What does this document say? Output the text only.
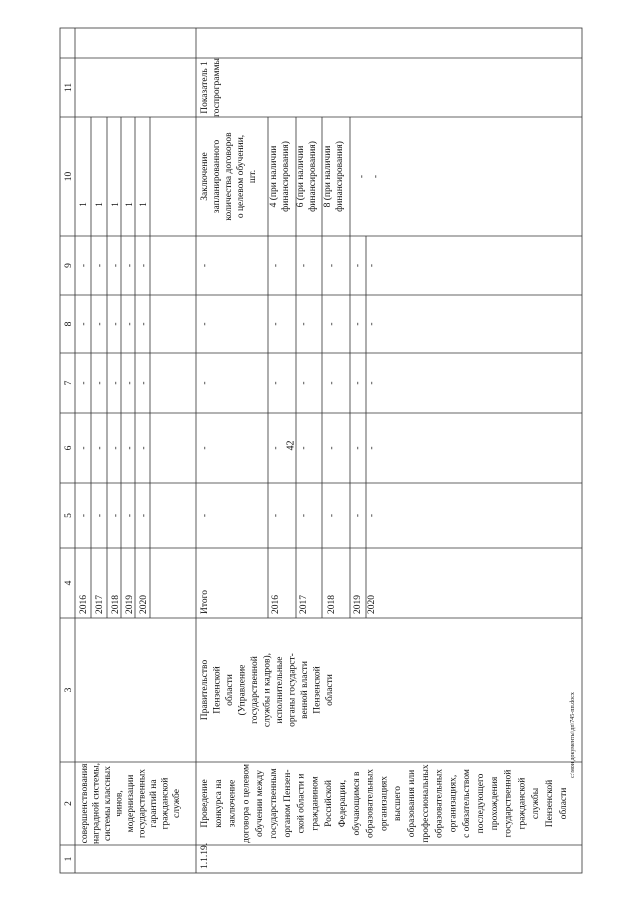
42
c:\мои документы\дп\745-пп.docx
1
2
3
4
5
6
7
8
9
10
11
2016
-
-
-
-
-
1
2017
-
-
-
-
-
1
2018
-
-
-
-
-
1
2019
-
-
-
-
-
1
2020
-
-
-
-
-
1
совершенствования наградной системы, системы классных чинов, модернизации государственных гарантий на гражданской службе
1.1.19.
Проведение конкурса на заключение договора о целевом обучении между государственным органом Пензен- ской области и гражданином Российской Федерации, обучающимся в образовательных организациях высшего образования или профессиональных образовательных организациях, с обязательством последующего прохождения государственной гражданской службы Пензенской области
Правительство Пензенской области (Управление государственной службы и кадров), исполнительные органы государст- венной власти Пензенской области
Итого
-
-
-
-
-
2016
-
-
-
-
-
2017
-
-
-
-
-
2018
-
-
-
-
-
2019
-
-
-
-
-
2020
-
-
-
-
-
Заключение запланированного количества договоров о целевом обучении, шт. 4 (при наличии финансирования) 6 (при наличии финансирования) 8 (при наличии финансирования) - -
Показатель 1 госпрограммы
